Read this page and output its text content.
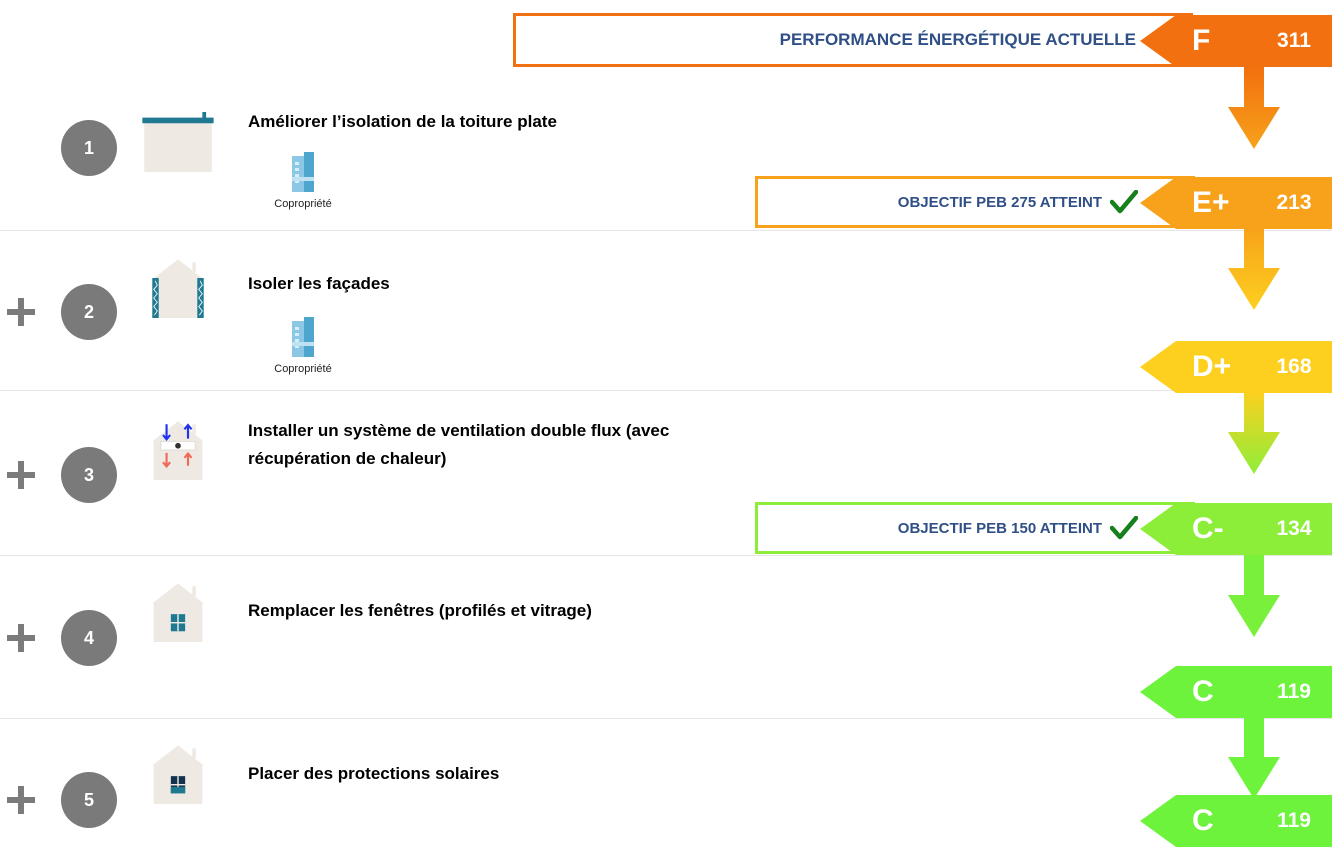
PERFORMANCE ÉNERGÉTIQUE ACTUELLE F	311
1
Améliorer l’isolation de la toiture plate
Copropriété	OBJECTIF PEB 275 ATTEINT	E+	213
2
Isoler les façades
Copropriété	D+	168
3
Installer un système de ventilation double flux (avec
récupération de chaleur)
OBJECTIF PEB 150 ATTEINT	C-	134
4
Remplacer les fenêtres (profilés et vitrage)
C	119
5
Placer des protections solaires
C	119
